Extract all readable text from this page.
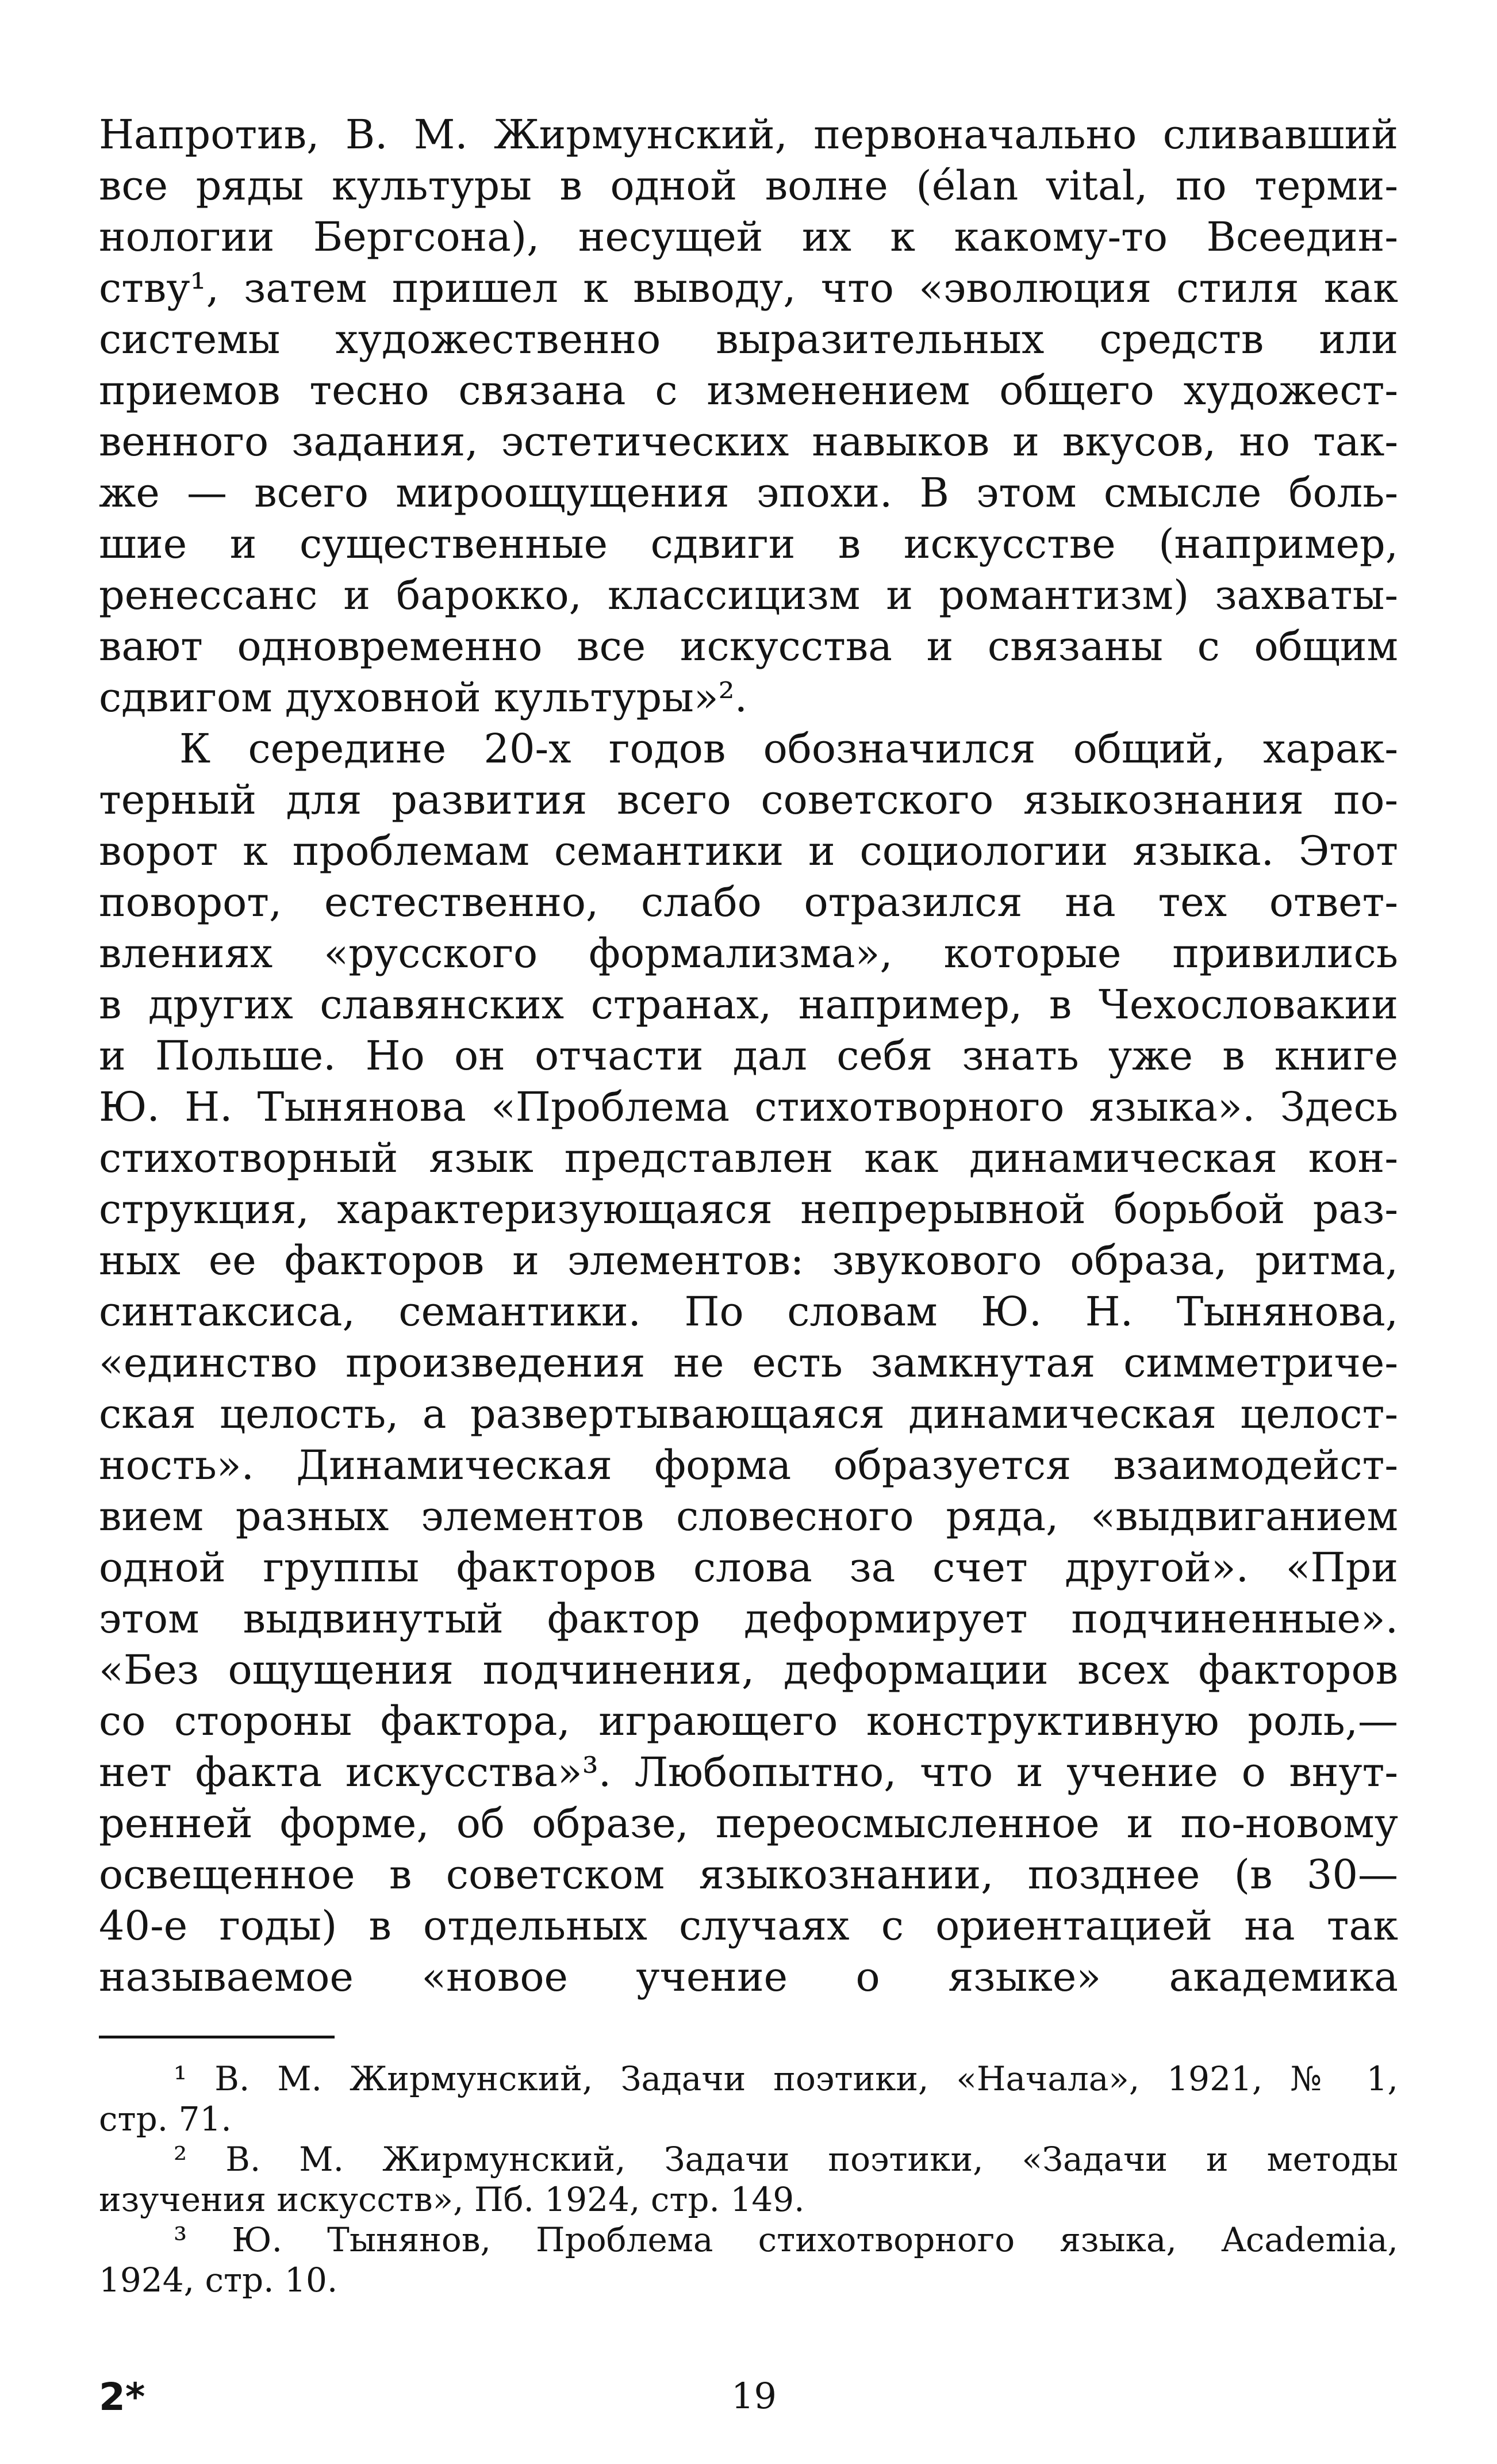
Напротив, В. М. Жирмунский, первоначально сливавший
все ряды культуры в одной волне (élan vital, по терми-
нологии Бергсона), несущей их к какому-то Всеедин-
ству¹, затем пришел к выводу, что «эволюция стиля как
системы художественно выразительных средств или
приемов тесно связана с изменением общего художест-
венного задания, эстетических навыков и вкусов, но так-
же — всего мироощущения эпохи. В этом смысле боль-
шие и существенные сдвиги в искусстве (например,
ренессанс и барокко, классицизм и романтизм) захваты-
вают одновременно все искусства и связаны с общим
сдвигом духовной культуры»².
К середине 20-х годов обозначился общий, харак-
терный для развития всего советского языкознания по-
ворот к проблемам семантики и социологии языка. Этот
поворот, естественно, слабо отразился на тех ответ-
влениях «русского формализма», которые привились
в других славянских странах, например, в Чехословакии
и Польше. Но он отчасти дал себя знать уже в книге
Ю. Н. Тынянова «Проблема стихотворного языка». Здесь
стихотворный язык представлен как динамическая кон-
струкция, характеризующаяся непрерывной борьбой раз-
ных ее факторов и элементов: звукового образа, ритма,
синтаксиса, семантики. По словам Ю. Н. Тынянова,
«единство произведения не есть замкнутая симметриче-
ская целость, а развертывающаяся динамическая целост-
ность». Динамическая форма образуется взаимодейст-
вием разных элементов словесного ряда, «выдвиганием
одной группы факторов слова за счет другой». «При
этом выдвинутый фактор деформирует подчиненные».
«Без ощущения подчинения, деформации всех факторов
со стороны фактора, играющего конструктивную роль,—
нет факта искусства»³. Любопытно, что и учение о внут-
ренней форме, об образе, переосмысленное и по-новому
освещенное в советском языкознании, позднее (в 30—
40-е годы) в отдельных случаях с ориентацией на так
называемое «новое учение о языке» академика
¹ В. М. Жирмунский, Задачи поэтики, «Начала», 1921, № 1,
стр. 71.
² В. М. Жирмунский, Задачи поэтики, «Задачи и методы
изучения искусств», Пб. 1924, стр. 149.
³ Ю. Тынянов, Проблема стихотворного языка, Academia,
1924, стр. 10.
2*	19
